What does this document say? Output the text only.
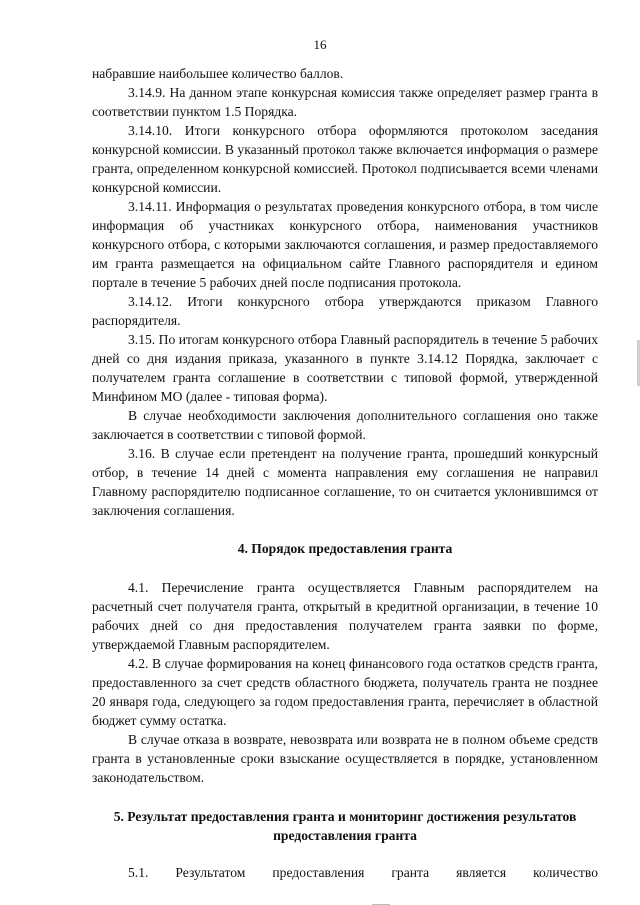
16

набравшие наибольшее количество баллов.

3.14.9. На данном этапе конкурсная комиссия также определяет размер гранта в соответствии пунктом 1.5 Порядка.

3.14.10. Итоги конкурсного отбора оформляются протоколом заседания конкурсной комиссии. В указанный протокол также включается информация о размере гранта, определенном конкурсной комиссией. Протокол подписывается всеми членами конкурсной комиссии.

3.14.11. Информация о результатах проведения конкурсного отбора, в том числе информация об участниках конкурсного отбора, наименования участников конкурсного отбора, с которыми заключаются соглашения, и размер предоставляемого им гранта размещается на официальном сайте Главного распорядителя и едином портале в течение 5 рабочих дней после подписания протокола.

3.14.12. Итоги конкурсного отбора утверждаются приказом Главного распорядителя.

3.15. По итогам конкурсного отбора Главный распорядитель в течение 5 рабочих дней со дня издания приказа, указанного в пункте 3.14.12 Порядка, заключает с получателем гранта соглашение в соответствии с типовой формой, утвержденной Минфином МО (далее - типовая форма).

В случае необходимости заключения дополнительного соглашения оно также заключается в соответствии с типовой формой.

3.16. В случае если претендент на получение гранта, прошедший конкурсный отбор, в течение 14 дней с момента направления ему соглашения не направил Главному распорядителю подписанное соглашение, то он считается уклонившимся от заключения соглашения.

4. Порядок предоставления гранта

4.1. Перечисление гранта осуществляется Главным распорядителем на расчетный счет получателя гранта, открытый в кредитной организации, в течение 10 рабочих дней со дня предоставления получателем гранта заявки по форме, утверждаемой Главным распорядителем.

4.2. В случае формирования на конец финансового года остатков средств гранта, предоставленного за счет средств областного бюджета, получатель гранта не позднее 20 января года, следующего за годом предоставления гранта, перечисляет в областной бюджет сумму остатка.

В случае отказа в возврате, невозврата или возврата не в полном объеме средств гранта в установленные сроки взыскание осуществляется в порядке, установленном законодательством.

5. Результат предоставления гранта и мониторинг достижения результатов предоставления гранта

5.1. Результатом предоставления гранта является количество
